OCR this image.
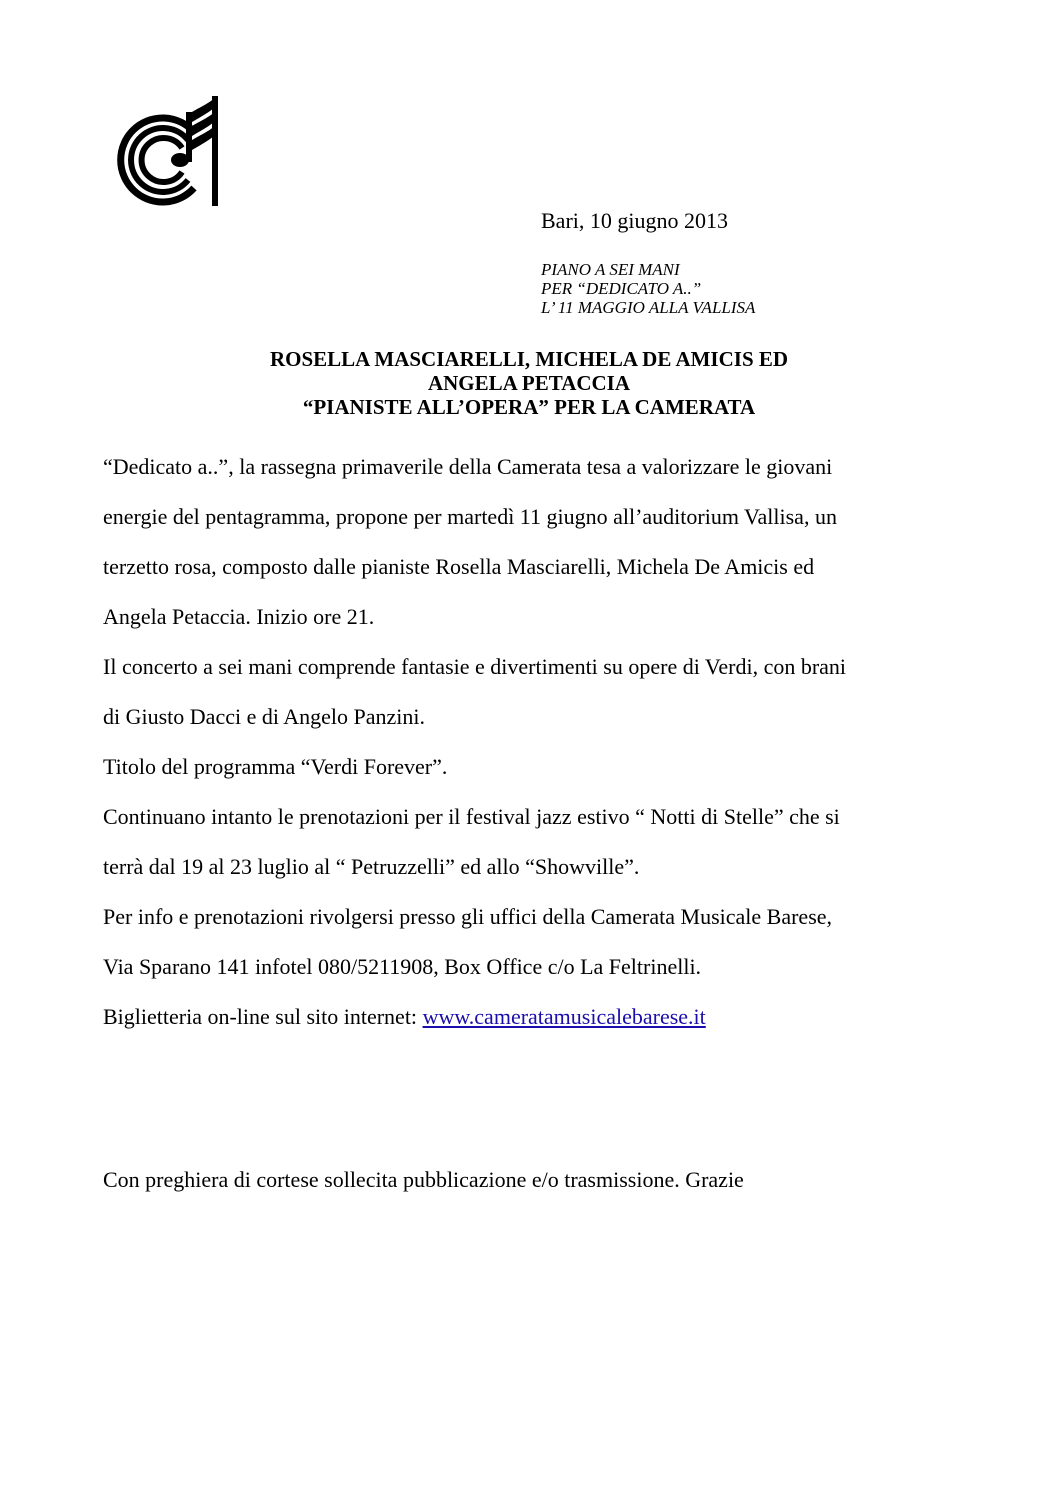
Bari, 10 giugno 2013
PIANO A SEI MANI
PER “DEDICATO A..”
L’ 11 MAGGIO ALLA VALLISA
ROSELLA MASCIARELLI, MICHELA DE AMICIS ED
ANGELA PETACCIA
“PIANISTE ALL’OPERA” PER LA CAMERATA

“Dedicato a..”, la rassegna primaverile della Camerata tesa a valorizzare le giovani
energie del pentagramma, propone per martedì 11 giugno all’auditorium Vallisa, un
terzetto rosa, composto dalle pianiste Rosella Masciarelli, Michela De Amicis ed
Angela Petaccia. Inizio ore 21.
Il concerto a sei mani comprende fantasie e divertimenti su opere di Verdi, con brani
di Giusto Dacci e di Angelo Panzini.
Titolo del programma “Verdi Forever”.
Continuano intanto le prenotazioni per il festival jazz estivo “ Notti di Stelle” che si
terrà dal 19 al 23 luglio al “ Petruzzelli” ed allo “Showville”.
Per info e prenotazioni rivolgersi presso gli uffici della Camerata Musicale Barese,
Via Sparano 141 infotel 080/5211908, Box Office c/o La Feltrinelli.

Biglietteria on-line sul sito internet: www.cameratamusicalebarese.it
Con preghiera di cortese sollecita pubblicazione e/o trasmissione. Grazie
